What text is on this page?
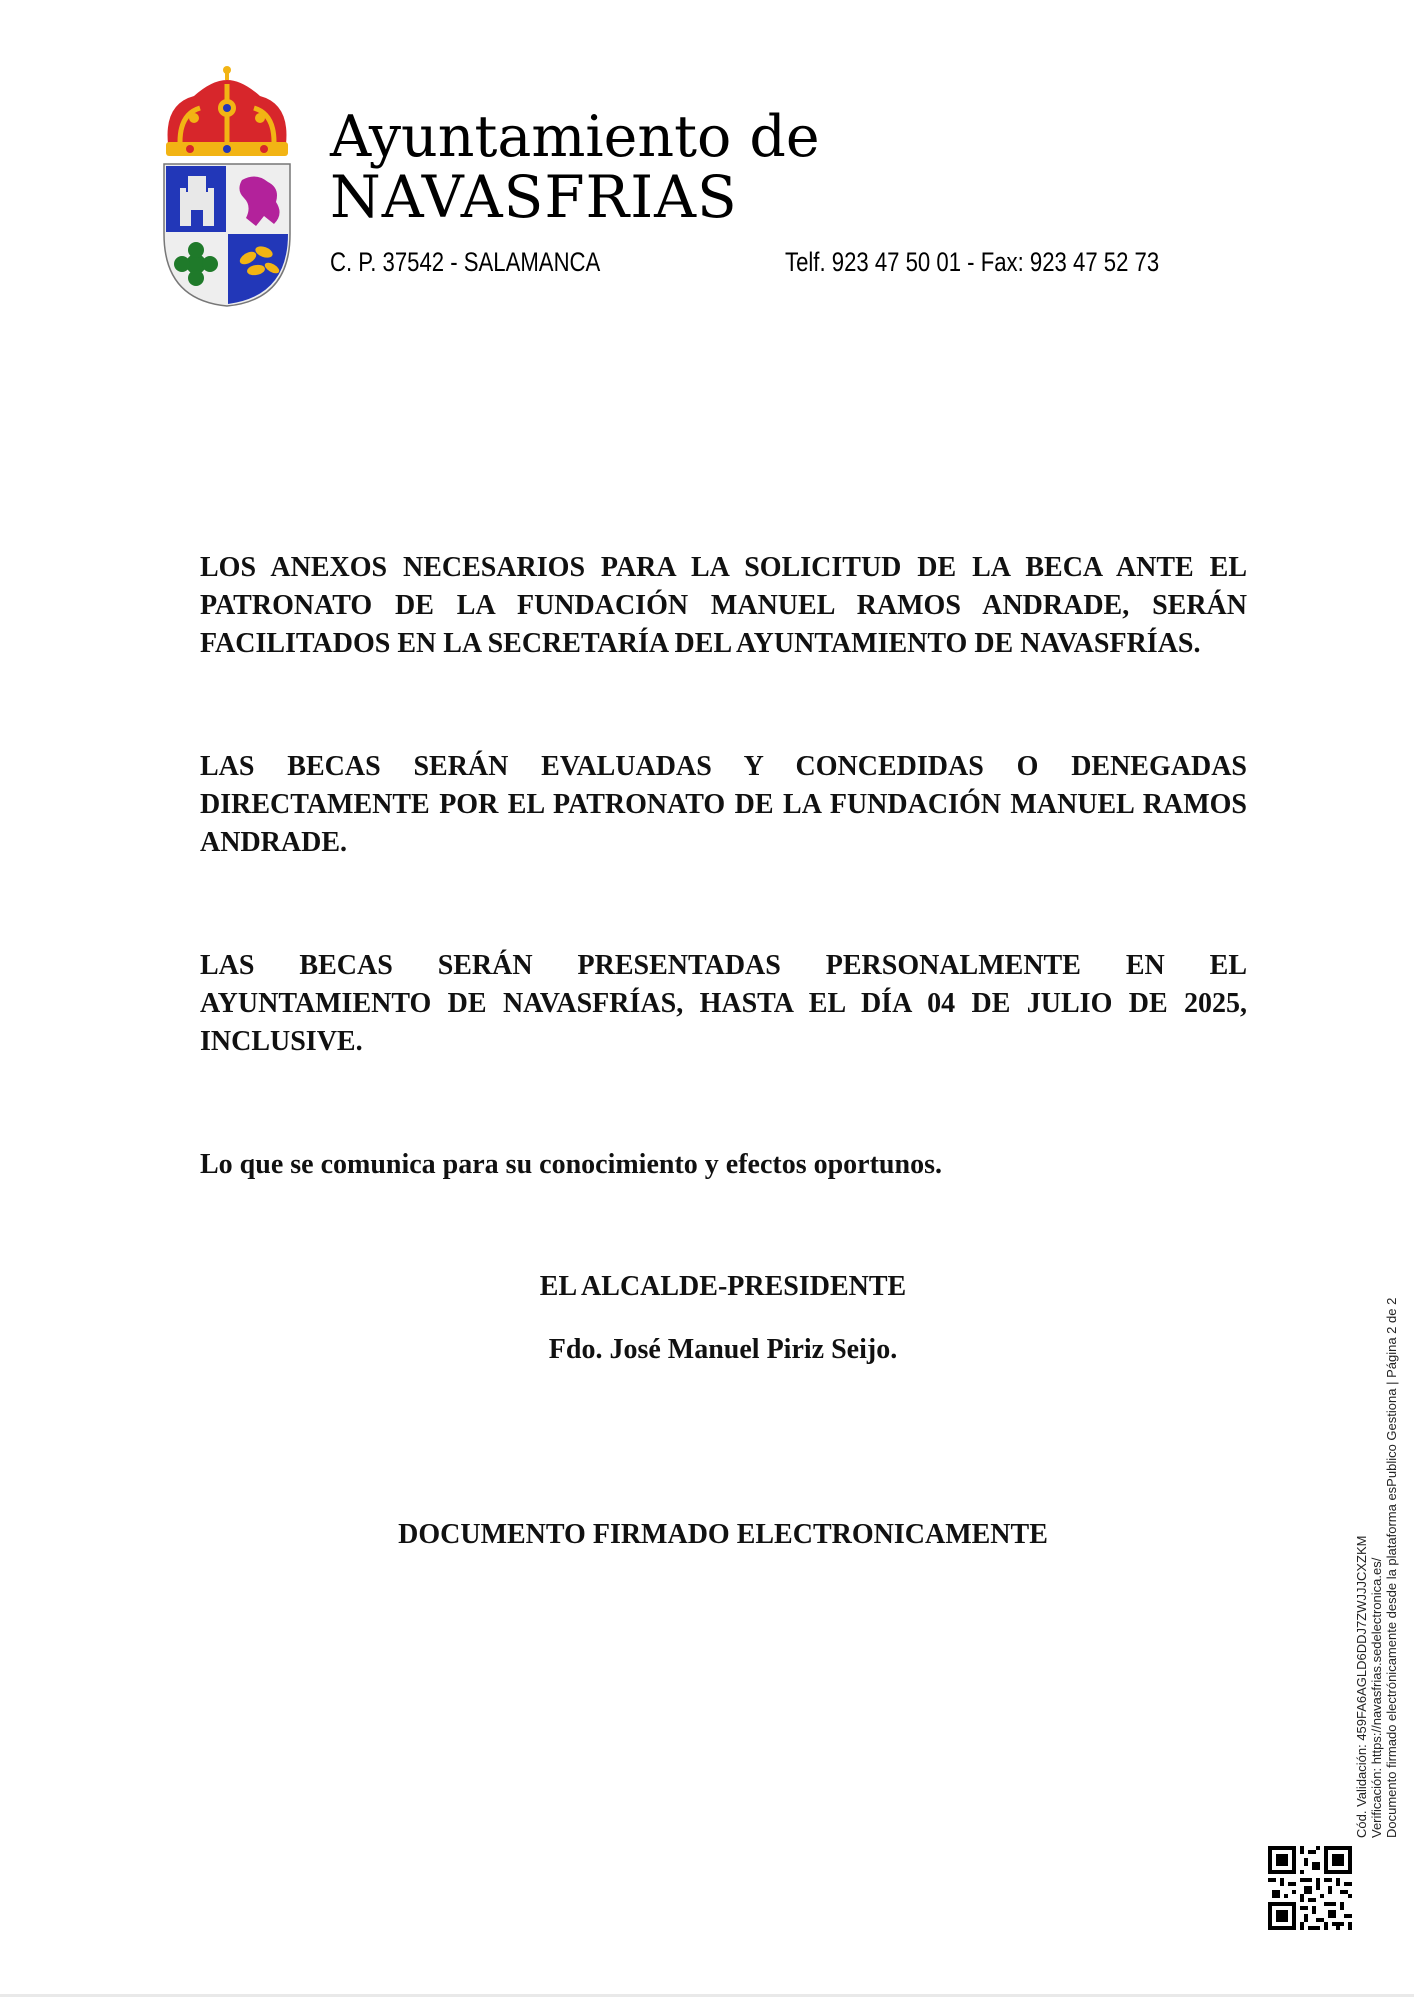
Ayuntamiento de
NAVASFRIAS
C. P. 37542 - SALAMANCA	Telf. 923 47 50 01 - Fax: 923 47 52 73
LOS ANEXOS NECESARIOS PARA LA SOLICITUD DE LA BECA ANTE EL PATRONATO DE LA FUNDACIÓN MANUEL RAMOS ANDRADE, SERÁN FACILITADOS EN LA SECRETARÍA DEL AYUNTAMIENTO DE NAVASFRÍAS.
LAS BECAS SERÁN EVALUADAS Y CONCEDIDAS O DENEGADAS DIRECTAMENTE POR EL PATRONATO DE LA FUNDACIÓN MANUEL RAMOS ANDRADE.
LAS BECAS SERÁN PRESENTADAS PERSONALMENTE EN EL AYUNTAMIENTO DE NAVASFRÍAS, HASTA EL DÍA 04 DE JULIO DE 2025, INCLUSIVE.
Lo que se comunica para su conocimiento y efectos oportunos.
EL ALCALDE-PRESIDENTE
Fdo. José Manuel Piriz Seijo.
DOCUMENTO FIRMADO ELECTRONICAMENTE
Cód. Validación: 459FA6AGLD6DDJ7ZWJJJCXZKM Verificación: https://navasfrias.sedelectronica.es/ Documento firmado electrónicamente desde la plataforma esPublico Gestiona | Página 2 de 2
